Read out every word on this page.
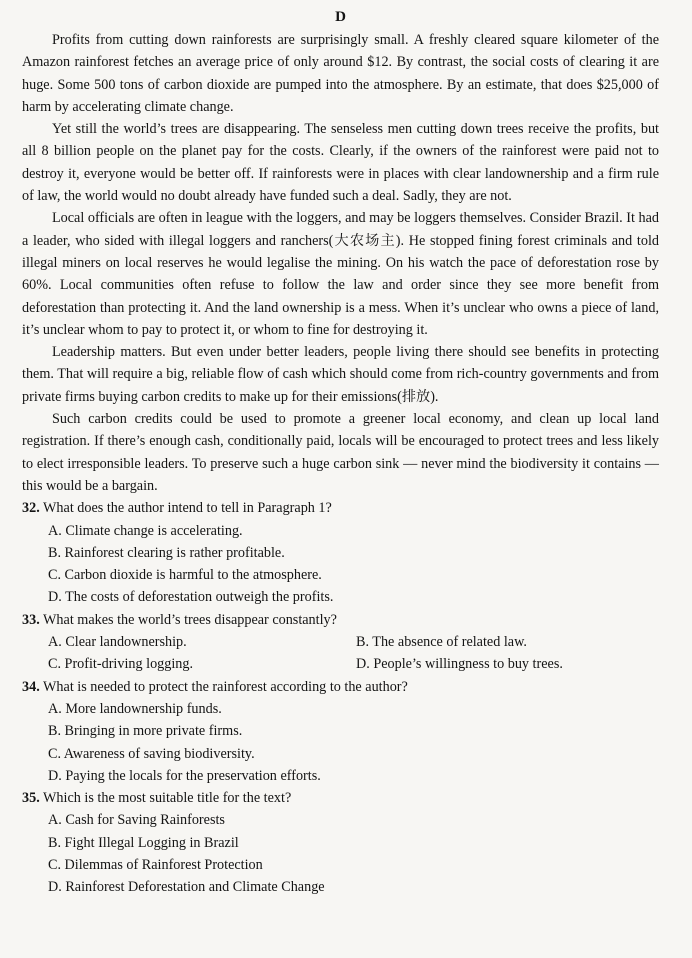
D

Profits from cutting down rainforests are surprisingly small. A freshly cleared square kilometer of the Amazon rainforest fetches an average price of only around $12. By contrast, the social costs of clearing it are huge. Some 500 tons of carbon dioxide are pumped into the atmosphere. By an estimate, that does $25,000 of harm by accelerating climate change.

Yet still the world’s trees are disappearing. The senseless men cutting down trees receive the profits, but all 8 billion people on the planet pay for the costs. Clearly, if the owners of the rainforest were paid not to destroy it, everyone would be better off. If rainforests were in places with clear landownership and a firm rule of law, the world would no doubt already have funded such a deal. Sadly, they are not.

Local officials are often in league with the loggers, and may be loggers themselves. Consider Brazil. It had a leader, who sided with illegal loggers and ranchers(大农场主). He stopped fining forest criminals and told illegal miners on local reserves he would legalise the mining. On his watch the pace of deforestation rose by 60%. Local communities often refuse to follow the law and order since they see more benefit from deforestation than protecting it. And the land ownership is a mess. When it’s unclear who owns a piece of land, it’s unclear whom to pay to protect it, or whom to fine for destroying it.

Leadership matters. But even under better leaders, people living there should see benefits in protecting them. That will require a big, reliable flow of cash which should come from rich-country governments and from private firms buying carbon credits to make up for their emissions(排放).

Such carbon credits could be used to promote a greener local economy, and clean up local land registration. If there’s enough cash, conditionally paid, locals will be encouraged to protect trees and less likely to elect irresponsible leaders. To preserve such a huge carbon sink — never mind the biodiversity it contains — this would be a bargain.

32. What does the author intend to tell in Paragraph 1?

A. Climate change is accelerating.

B. Rainforest clearing is rather profitable.

C. Carbon dioxide is harmful to the atmosphere.

D. The costs of deforestation outweigh the profits.

33. What makes the world’s trees disappear constantly?

A. Clear landownership.	B. The absence of related law.

C. Profit-driving logging.	D. People’s willingness to buy trees.

34. What is needed to protect the rainforest according to the author?

A. More landownership funds.

B. Bringing in more private firms.

C. Awareness of saving biodiversity.

D. Paying the locals for the preservation efforts.

35. Which is the most suitable title for the text?

A. Cash for Saving Rainforests

B. Fight Illegal Logging in Brazil

C. Dilemmas of Rainforest Protection

D. Rainforest Deforestation and Climate Change
